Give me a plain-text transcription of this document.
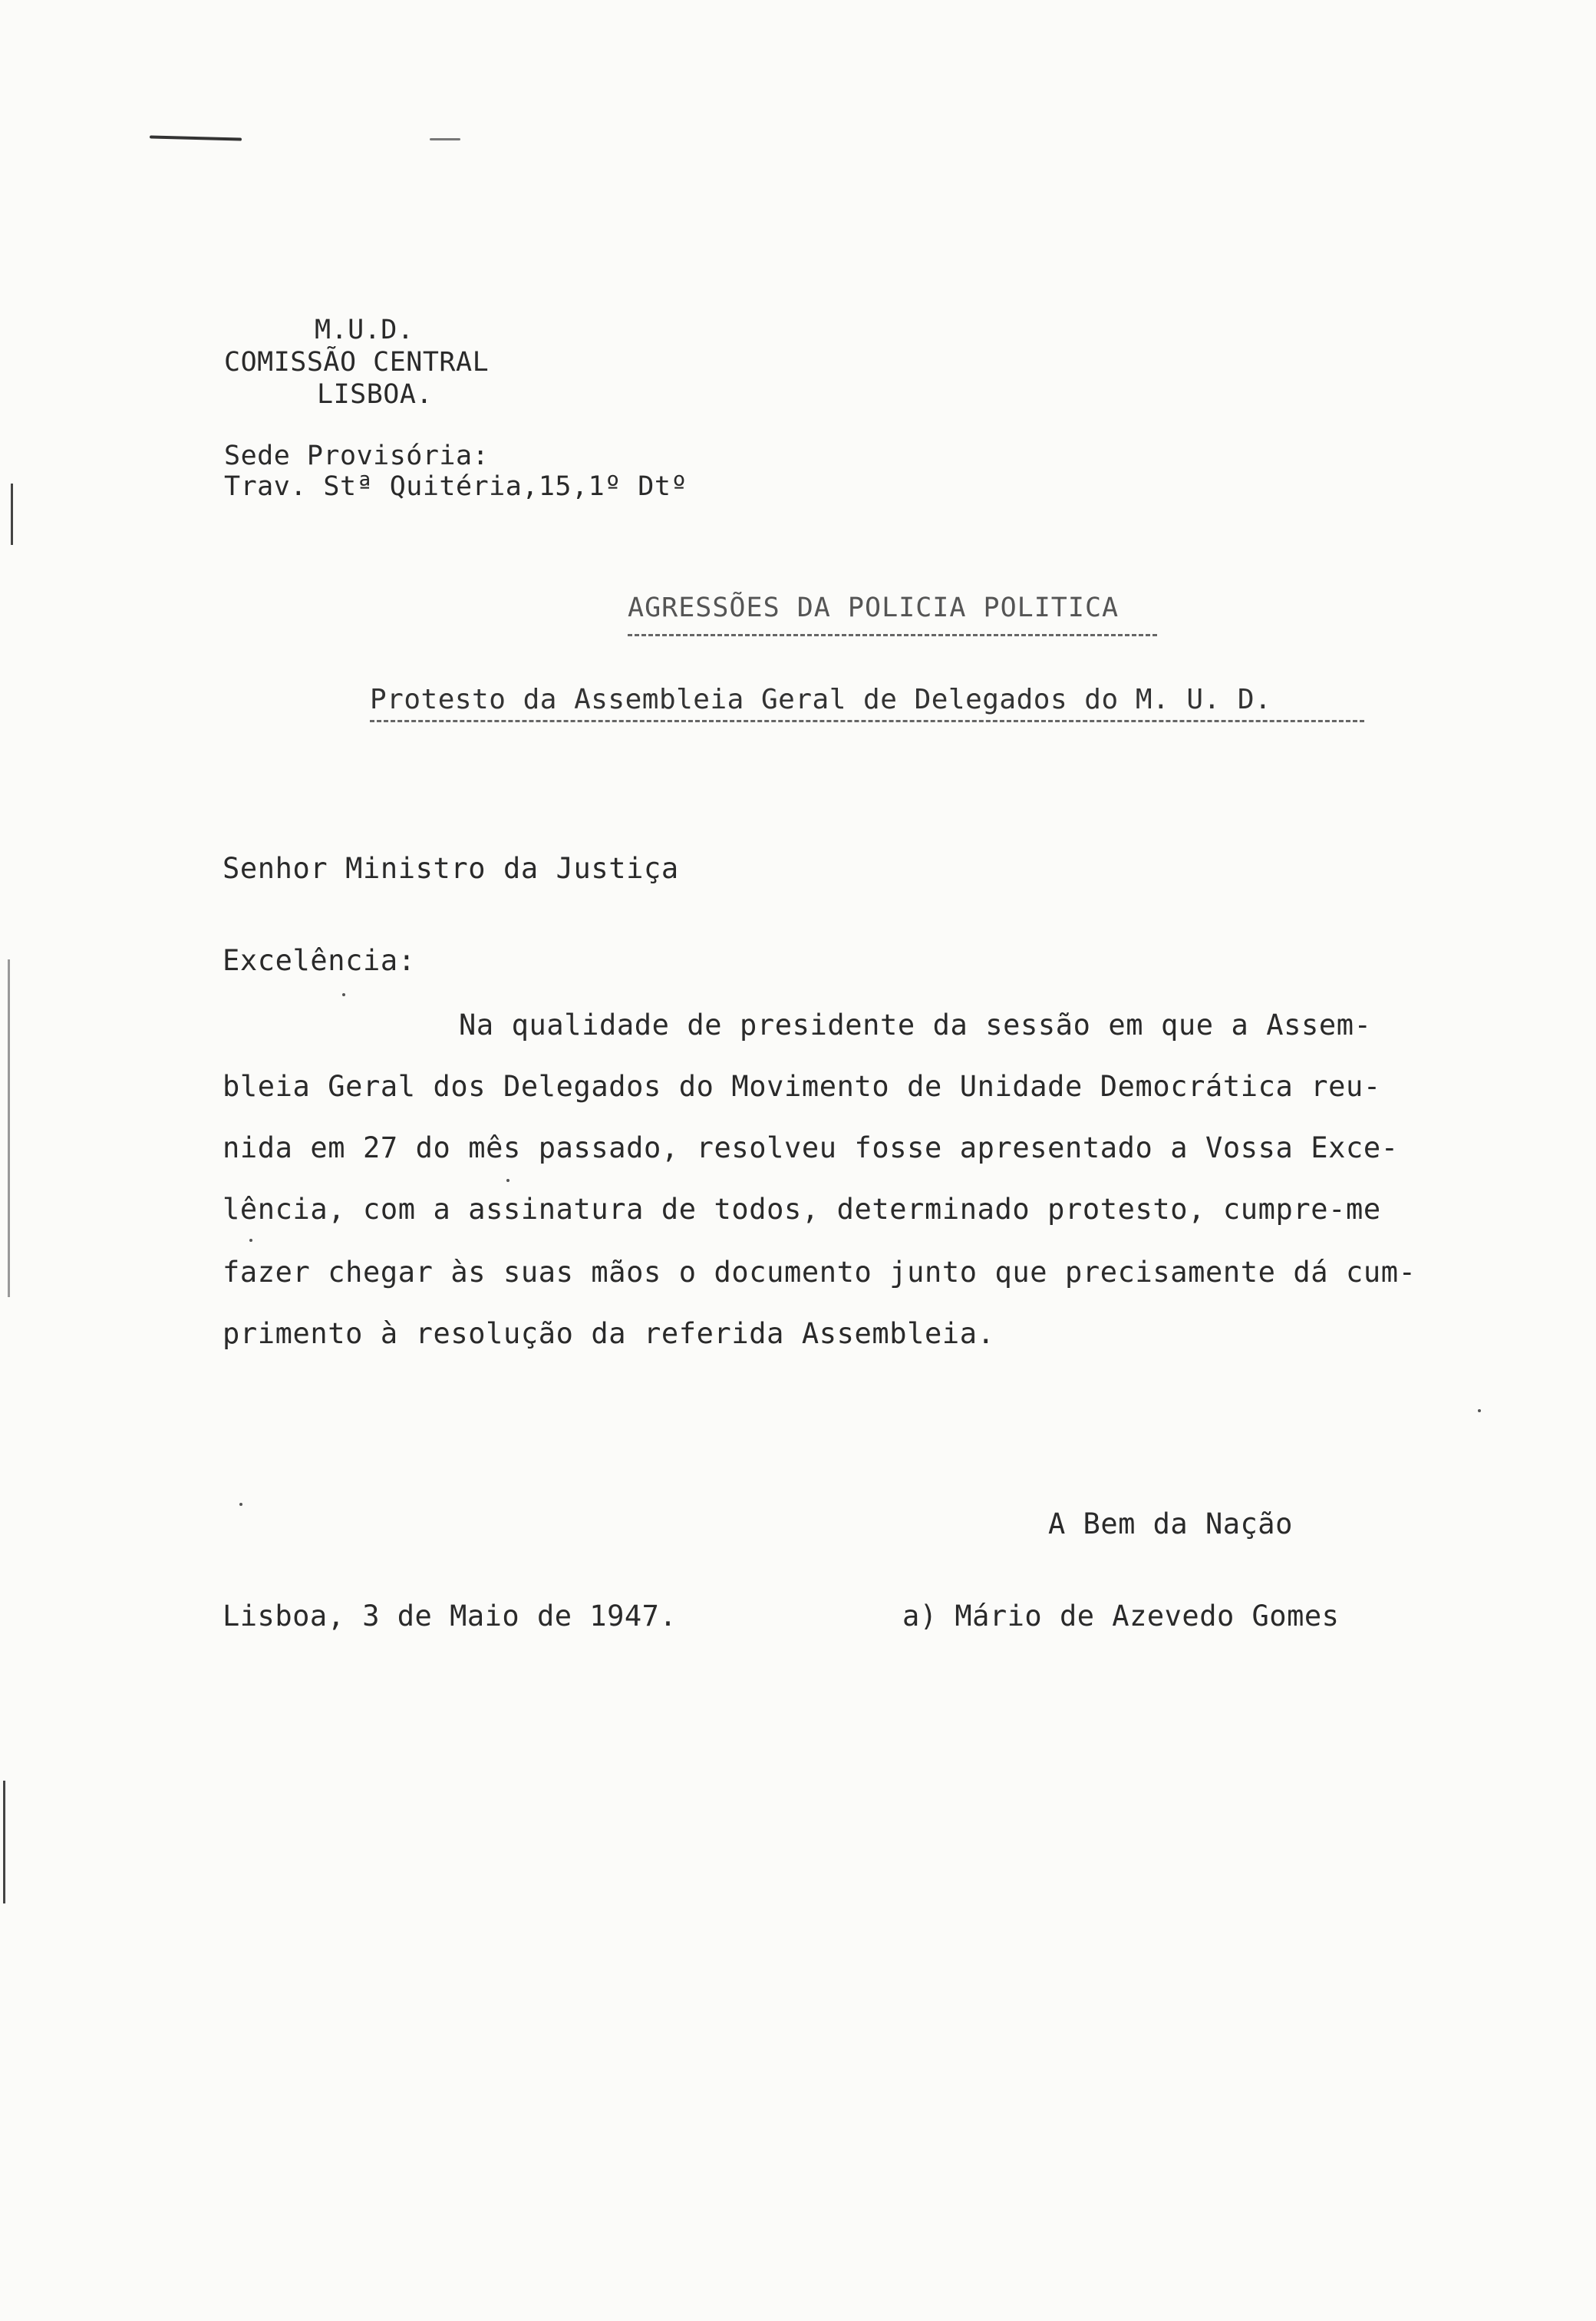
M.U.D.
COMISSÃO CENTRAL
LISBOA.
Sede Provisória:
Trav. Stª Quitéria,15,1º Dtº
AGRESSÕES DA POLICIA POLITICA
Protesto da Assembleia Geral de Delegados do M. U. D.
Senhor Ministro da Justiça
Excelência:
Na qualidade de presidente da sessão em que a Assem-
bleia Geral dos Delegados do Movimento de Unidade Democrática reu-
nida em 27 do mês passado, resolveu fosse apresentado a Vossa Exce-
lência, com a assinatura de todos, determinado protesto, cumpre-me
fazer chegar às suas mãos o documento junto que precisamente dá cum-
primento à resolução da referida Assembleia.
A Bem da Nação
Lisboa, 3 de Maio de 1947.	a) Mário de Azevedo Gomes
